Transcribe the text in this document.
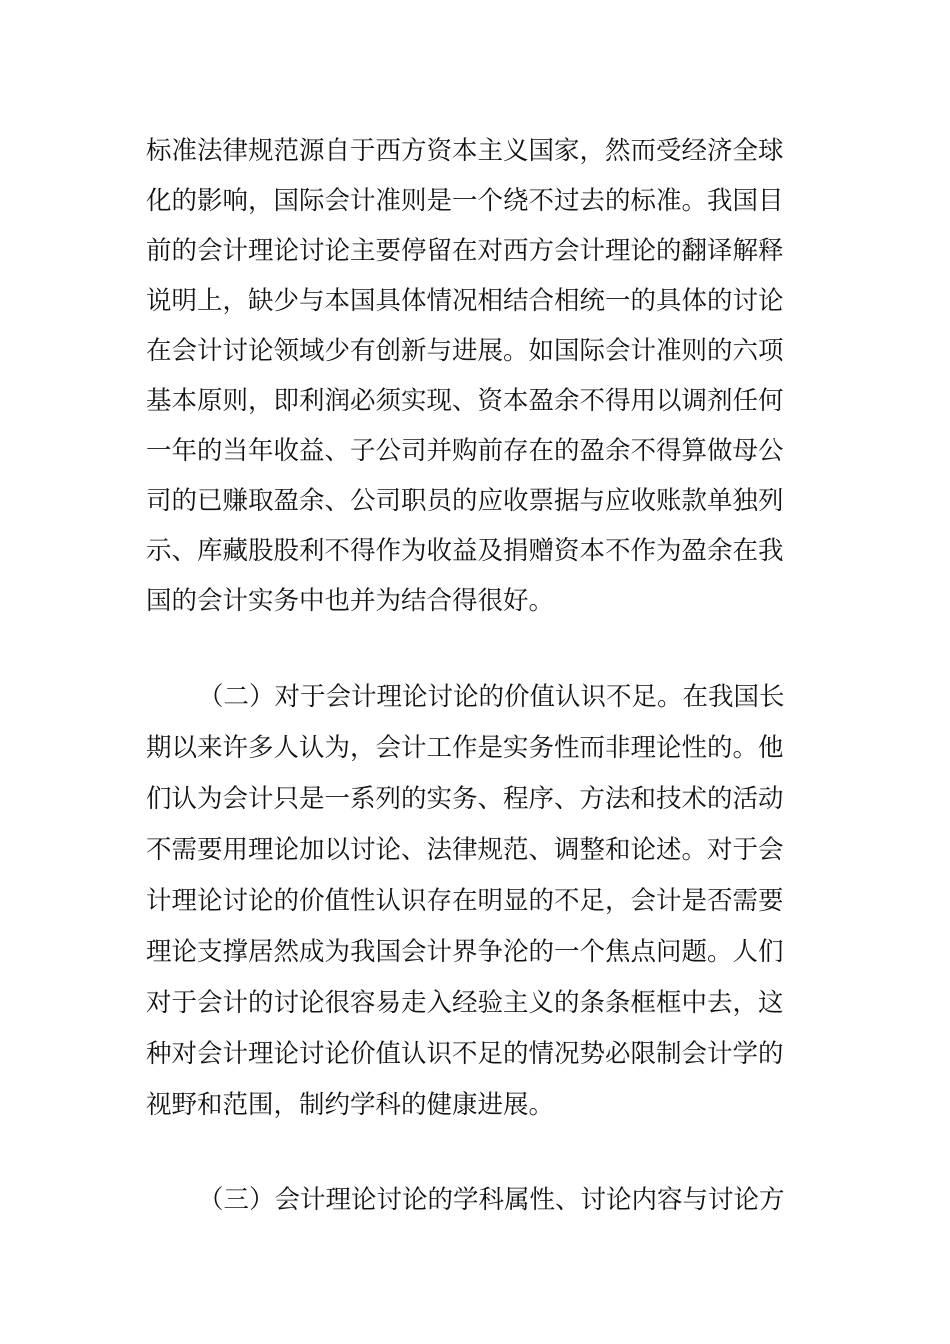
标准法律规范源自于西方资本主义国家，然而受经济全球
化的影响，国际会计准则是一个绕不过去的标准。我国目
前的会计理论讨论主要停留在对西方会计理论的翻译解释
说明上，缺少与本国具体情况相结合相统一的具体的讨论
在会计讨论领域少有创新与进展。如国际会计准则的六项
基本原则，即利润必须实现、资本盈余不得用以调剂任何
一年的当年收益、子公司并购前存在的盈余不得算做母公
司的已赚取盈余、公司职员的应收票据与应收账款单独列
示、库藏股股利不得作为收益及捐赠资本不作为盈余在我
国的会计实务中也并为结合得很好。
（二）对于会计理论讨论的价值认识不足。在我国长
期以来许多人认为，会计工作是实务性而非理论性的。他
们认为会计只是一系列的实务、程序、方法和技术的活动
不需要用理论加以讨论、法律规范、调整和论述。对于会
计理论讨论的价值性认识存在明显的不足，会计是否需要
理论支撑居然成为我国会计界争沦的一个焦点问题。人们
对于会计的讨论很容易走入经验主义的条条框框中去，这
种对会计理论讨论价值认识不足的情况势必限制会计学的
视野和范围，制约学科的健康进展。
（三）会计理论讨论的学科属性、讨论内容与讨论方
